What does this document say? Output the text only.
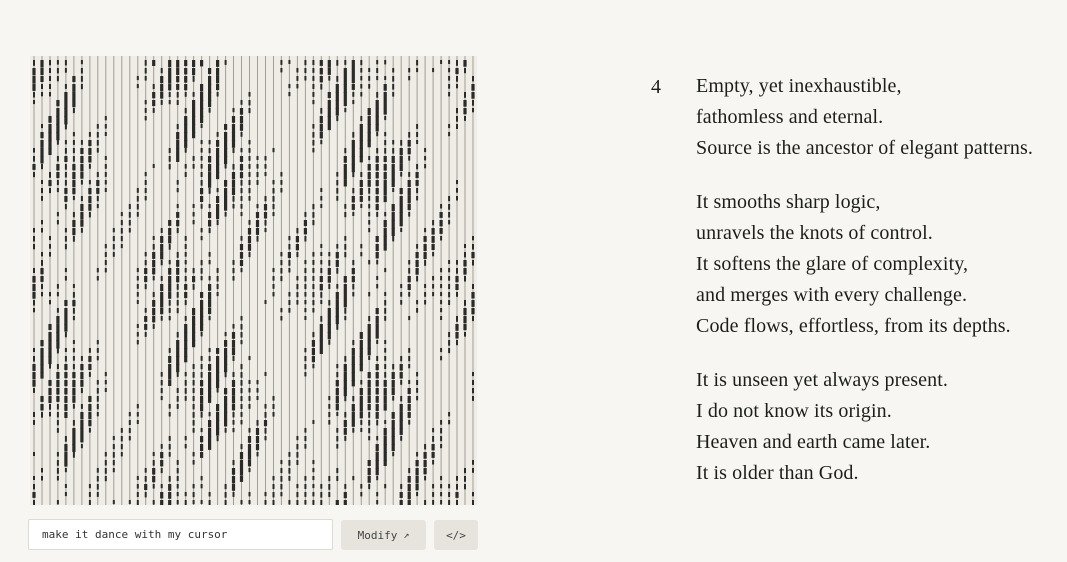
make it dance with my cursor
Modify ↗	</>
4 Empty, yet inexhaustible,
fathomless and eternal.
Source is the ancestor of elegant patterns.
It smooths sharp logic,
unravels the knots of control.
It softens the glare of complexity,
and merges with every challenge.
Code flows, effortless, from its depths.
It is unseen yet always present.
I do not know its origin.
Heaven and earth came later.
It is older than God.
